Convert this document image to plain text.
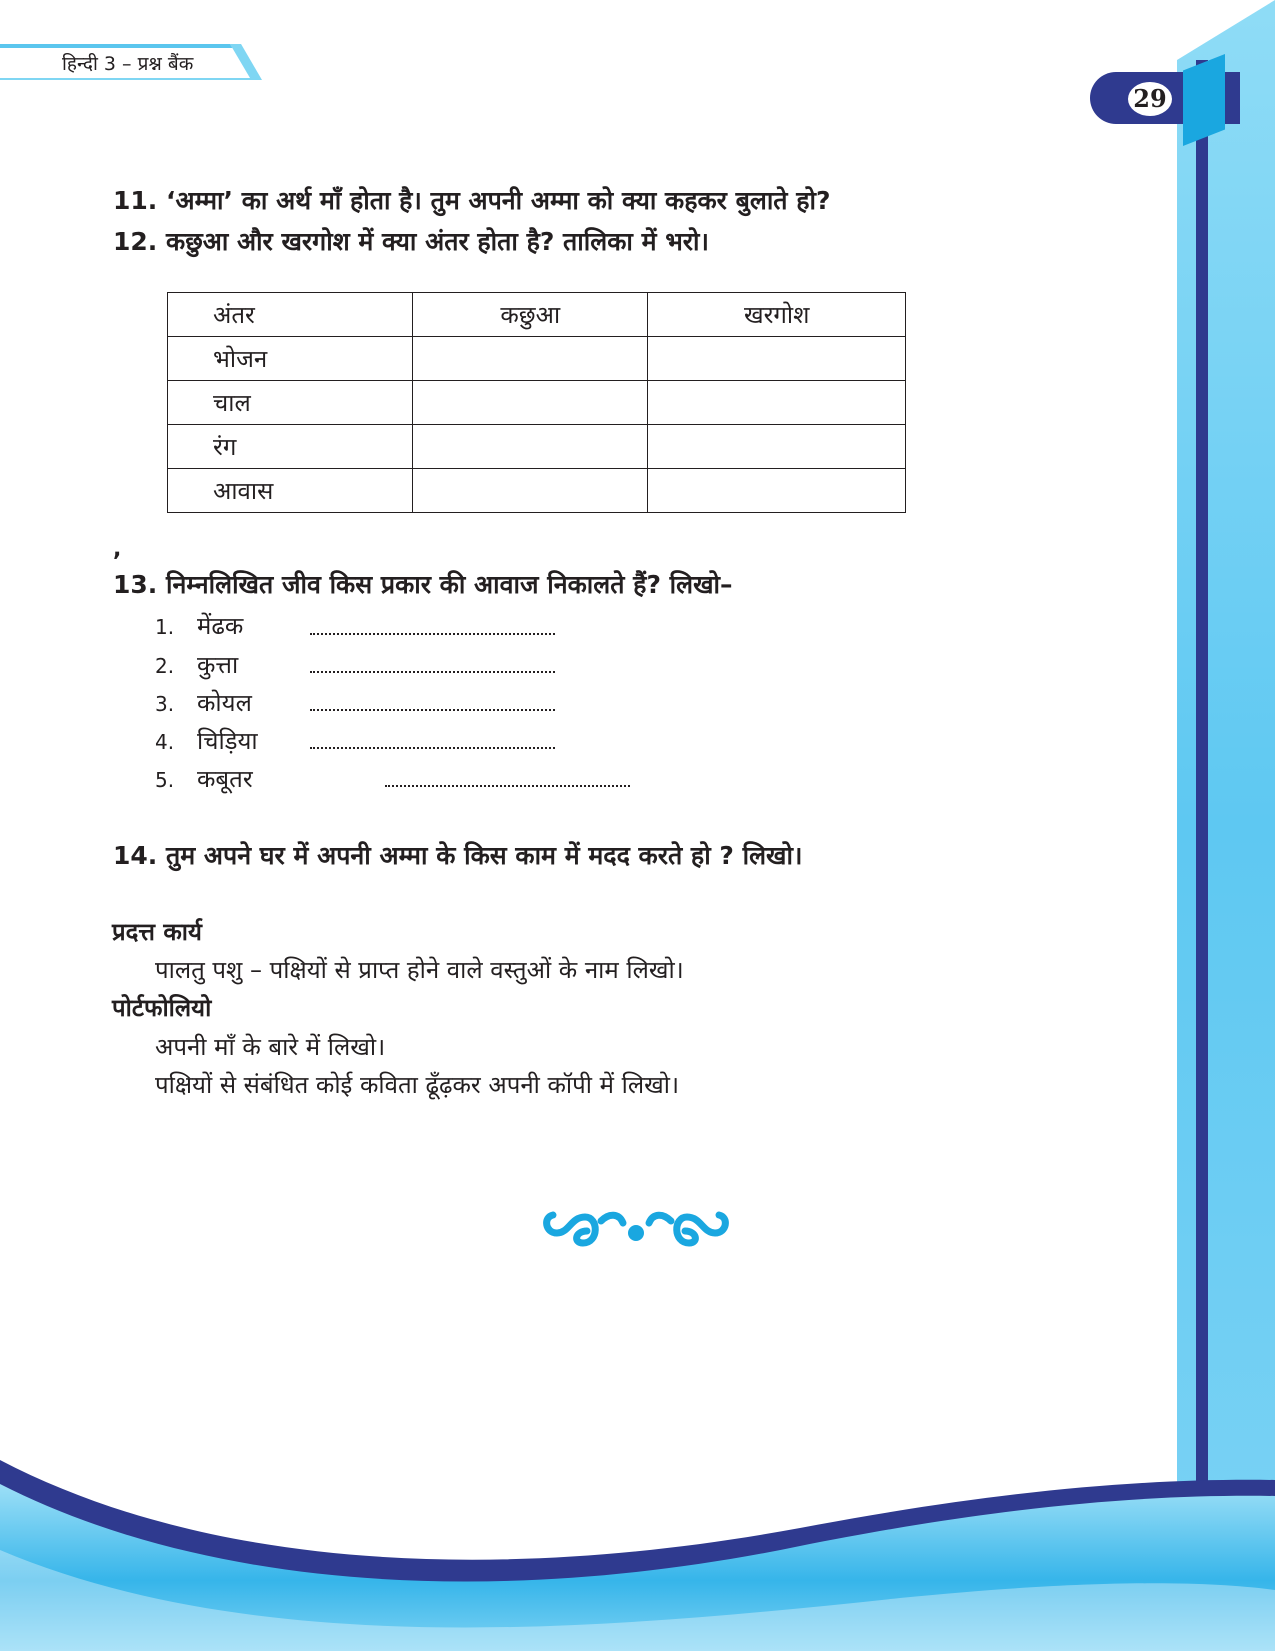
29
हिन्दी 3 – प्रश्न बैंक
11. ‘अम्मा’ का अर्थ माँ होता है। तुम अपनी अम्मा को क्या कहकर बुलाते हो?
12. कछुआ और खरगोश में क्या अंतर होता है? तालिका में भरो।
अंतर	कछुआ	खरगोश
भोजन		
चाल		
रंग		
आवास		
,
13. निम्नलिखित जीव किस प्रकार की आवाज निकालते हैं? लिखो–
1. मेंढक
2. कुत्ता
3. कोयल
4. चिड़िया
5. कबूतर
14. तुम अपने घर में अपनी अम्मा के किस काम में मदद करते हो ? लिखो।
प्रदत्त कार्य
पालतु पशु – पक्षियों से प्राप्त होने वाले वस्तुओं के नाम लिखो।
पोर्टफोलियो
अपनी माँ के बारे में लिखो।
पक्षियों से संबंधित कोई कविता ढूँढ़कर अपनी कॉपी में लिखो।
